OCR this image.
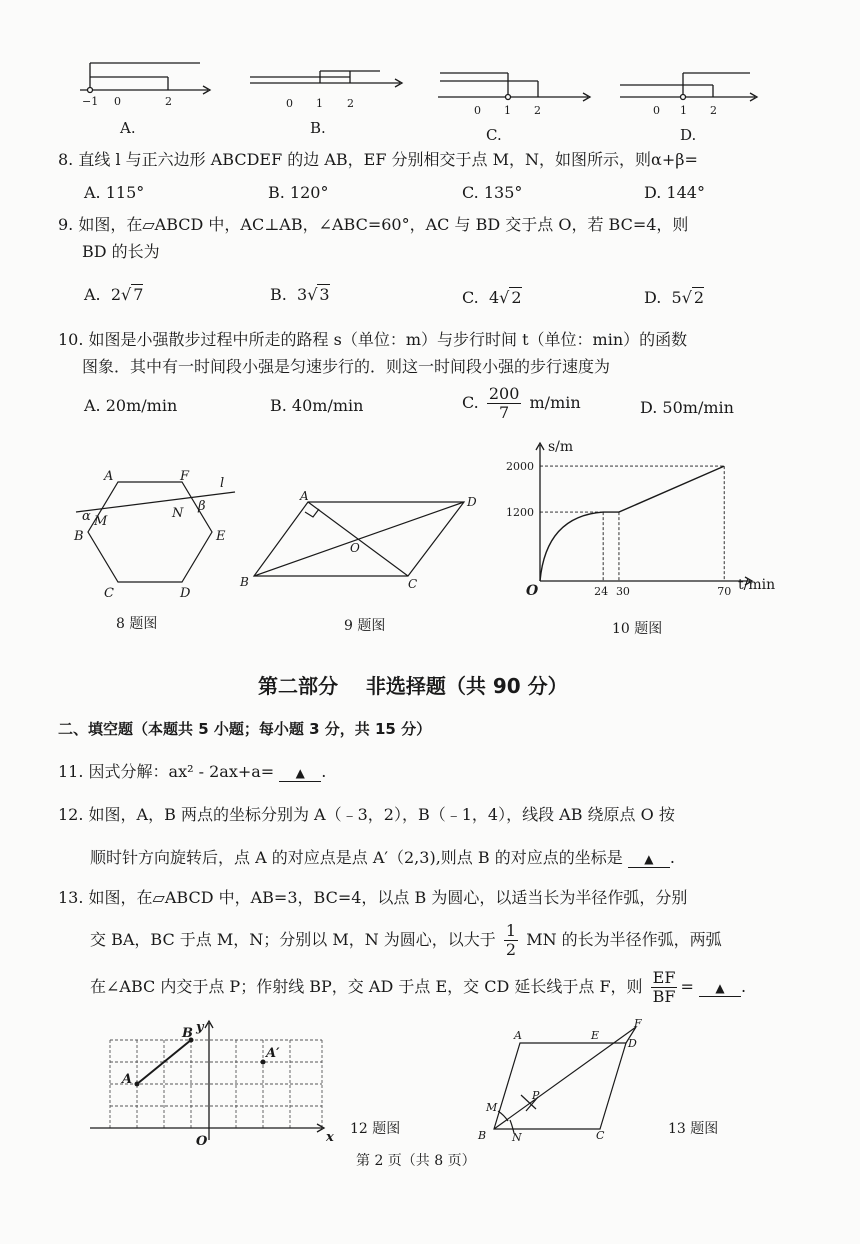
−1 0	2	0 1 2
0 1 2	0 1 2
A.	B.	C.	D.
8. 直线 l 与正六边形 ABCDEF 的边 AB，EF 分别相交于点 M，N，如图所示，则α+β=
A. 115°	B. 120°	C. 135°	D. 144°
9. 如图，在▱ABCD 中，AC⊥AB，∠ABC=60°，AC 与 BD 交于点 O，若 BC=4，则
BD 的长为
A. 2√ 7	B. 3√ 3	C. 4√ 2	D. 5√ 2
10. 如图是小强散步过程中所走的路程 s（单位：m）与步行时间 t（单位：min）的函数
图象．其中有一时间段小强是匀速步行的．则这一时间段小强的步行速度为
A. 20m/min	B. 40m/min	C. $\frac{200}{7} m/\min$	D. 50m/min
A	F l
α M
N β
B	E
C	D
8 题图
A	D
O
B	C
9 题图
2000
1200
24 30	70
s/m
t/min
O
10 题图
第二部分    非选择题（共 90 分）
二、填空题（本题共 5 小题；每小题 3 分，共 15 分）
11. 因式分解：ax² - 2ax+a= ▲ .
12. 如图，A，B 两点的坐标分别为 A（﹣3，2），B（﹣1，4），线段 AB 绕原点 O 按
顺时针方向旋转后，点 A 的对应点是点 A′（2,3),则点 B 的对应点的坐标是 ▲ .
13. 如图，在▱ABCD 中，AB=3，BC=4，以点 B 为圆心，以适当长为半径作弧，分别
交 BA，BC 于点 M，N；分别以 M，N 为圆心，以大于 $\frac{1}{2}$ MN 的长为半径作弧，两弧
在∠ABC 内交于点 P；作射线 BP，交 AD 于点 E，交 CD 延长线于点 F，则 $\frac{EF}{BF}$ = ▲ .
B y
A′
A
O	x
12 题图
F
A	E
D
M
P
B N	C	13 题图
第 2 页（共 8 页）
